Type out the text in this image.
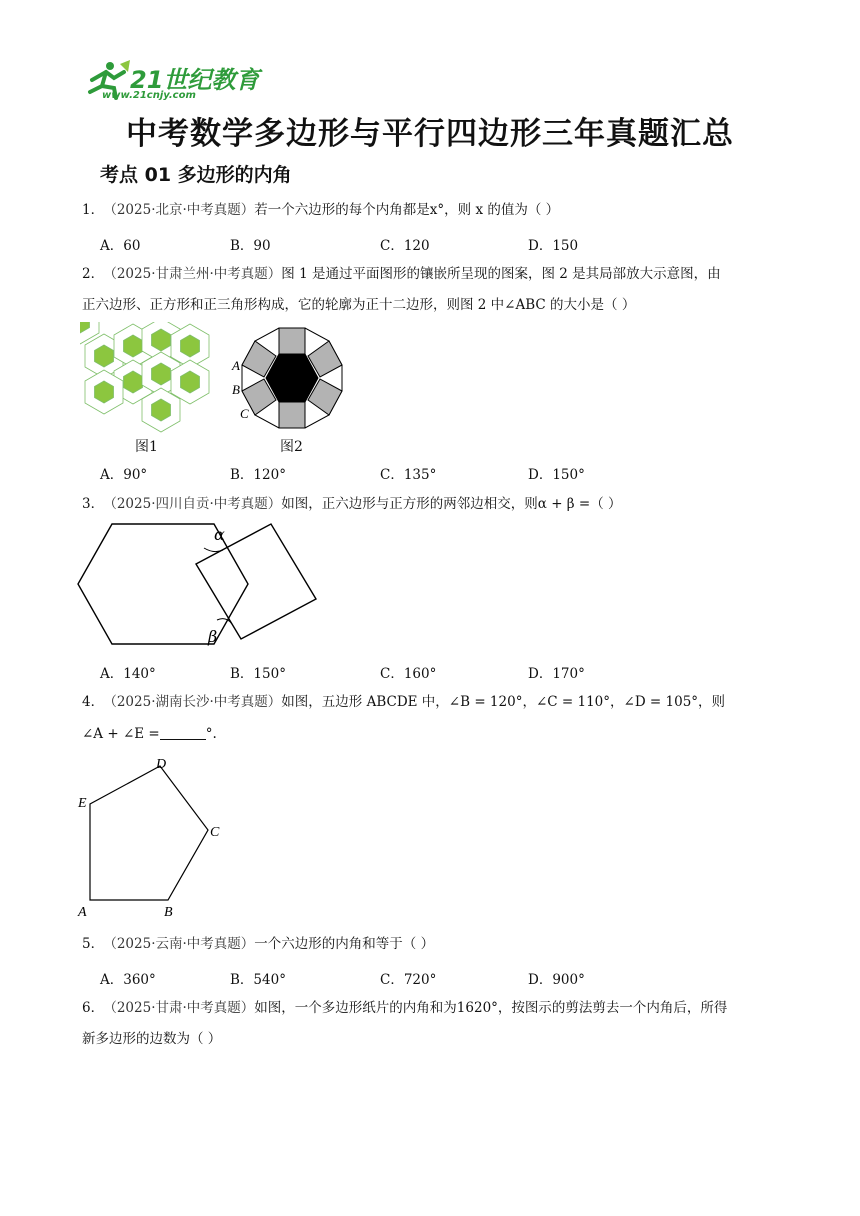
21世纪教育
www.21cnjy.com
中考数学多边形与平行四边形三年真题汇总
考点 01 多边形的内角
1． （2025·北京·中考真题）若一个六边形的每个内角都是x°，则 x 的值为（ ）
A．60	B．90	C．120	D．150
2． （2025·甘肃兰州·中考真题）图 1 是通过平面图形的镶嵌所呈现的图案，图 2 是其局部放大示意图，由
正六边形、正方形和正三角形构成，它的轮廓为正十二边形，则图 2 中∠ABC 的大小是（ ）
图1
A
B
C
图2
A．90°	B．120°	C．135°	D．150°
3． （2025·四川自贡·中考真题）如图，正六边形与正方形的两邻边相交，则α + β =（ ）
α
β
A．140°	B．150°	C．160°	D．170°
4． （2025·湖南长沙·中考真题）如图，五边形 ABCDE 中，∠B = 120°，∠C = 110°，∠D = 105°，则
∠A + ∠E =	°.
A	B
C
D
E
5． （2025·云南·中考真题）一个六边形的内角和等于（ ）
A．360°	B．540°	C．720°	D．900°
6． （2025·甘肃·中考真题）如图，一个多边形纸片的内角和为1620°，按图示的剪法剪去一个内角后，所得
新多边形的边数为（ ）
